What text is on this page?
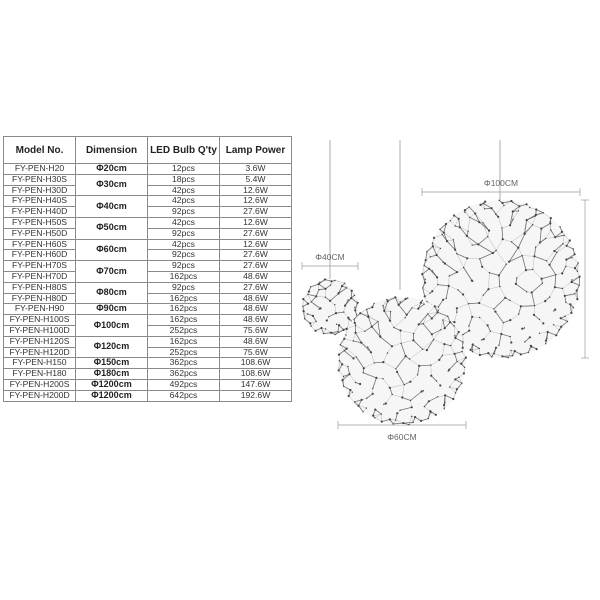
Model No.	Dimension	LED Bulb Q'ty	Lamp Power
FY-PEN-H20	Φ20cm	12pcs	3.6W
FY-PEN-H30S	Φ30cm	18pcs	5.4W
FY-PEN-H30D		42pcs	12.6W
FY-PEN-H40S	Φ40cm	42pcs	12.6W
FY-PEN-H40D		92pcs	27.6W
FY-PEN-H50S	Φ50cm	42pcs	12.6W
FY-PEN-H50D		92pcs	27.6W
FY-PEN-H60S	Φ60cm	42pcs	12.6W
FY-PEN-H60D		92pcs	27.6W
FY-PEN-H70S	Φ70cm	92pcs	27.6W
FY-PEN-H70D		162pcs	48.6W
FY-PEN-H80S	Φ80cm	92pcs	27.6W
FY-PEN-H80D		162pcs	48.6W
FY-PEN-H90	Φ90cm	162pcs	48.6W
FY-PEN-H100S	Φ100cm	162pcs	48.6W
FY-PEN-H100D		252pcs	75.6W
FY-PEN-H120S	Φ120cm	162pcs	48.6W
FY-PEN-H120D		252pcs	75.6W
FY-PEN-H150	Φ150cm	362pcs	108.6W
FY-PEN-H180	Φ180cm	362pcs	108.6W
FY-PEN-H200S	Φ1200cm	492pcs	147.6W
FY-PEN-H200D	Φ1200cm	642pcs	192.6W
Φ100CM
Φ40CM
Φ60CM
